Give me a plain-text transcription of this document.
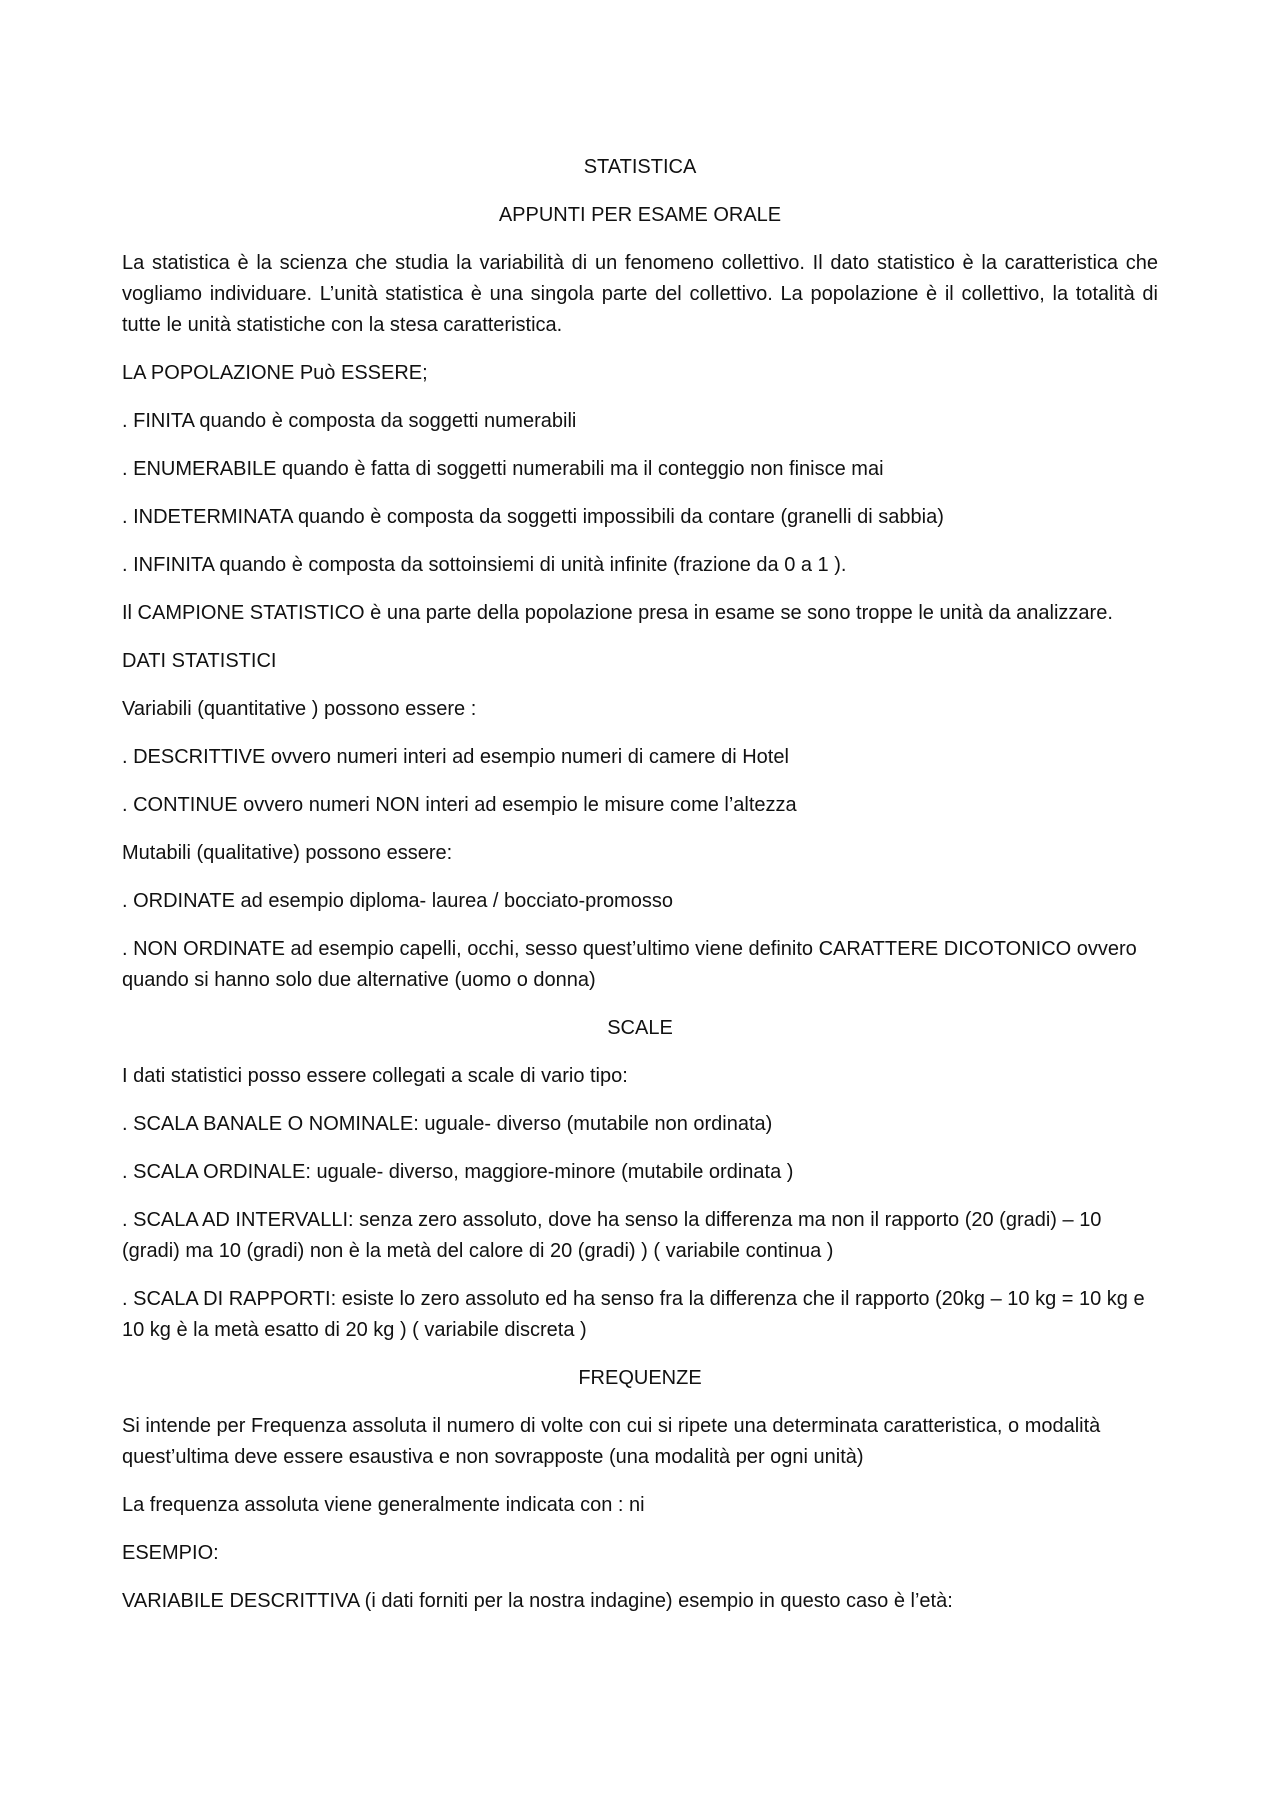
STATISTICA
APPUNTI PER ESAME ORALE
La statistica è la scienza che studia la variabilità di un fenomeno collettivo. Il dato statistico è la caratteristica che vogliamo individuare. L’unità statistica è una singola parte del collettivo. La popolazione è il collettivo, la totalità di tutte le unità statistiche con la stesa caratteristica.
LA POPOLAZIONE Può ESSERE;
. FINITA quando è composta da soggetti numerabili
. ENUMERABILE quando è fatta di soggetti numerabili ma il conteggio non finisce mai
. INDETERMINATA quando è composta da soggetti impossibili da contare (granelli di sabbia)
. INFINITA quando è composta da sottoinsiemi di unità infinite (frazione da 0 a 1 ).
Il CAMPIONE STATISTICO è una parte della popolazione presa in esame se sono troppe le unità da analizzare.
DATI STATISTICI
Variabili (quantitative ) possono essere :
. DESCRITTIVE ovvero numeri interi ad esempio numeri di camere di Hotel
. CONTINUE ovvero numeri NON interi ad esempio le misure come l’altezza
Mutabili (qualitative) possono essere:
. ORDINATE ad esempio diploma- laurea / bocciato-promosso
. NON ORDINATE ad esempio capelli, occhi, sesso quest’ultimo viene definito CARATTERE DICOTONICO ovvero quando si hanno solo due alternative (uomo o donna)
SCALE
I dati statistici posso essere collegati a scale di vario tipo:
. SCALA BANALE O NOMINALE: uguale- diverso (mutabile non ordinata)
. SCALA ORDINALE: uguale- diverso, maggiore-minore (mutabile ordinata )
. SCALA AD INTERVALLI: senza zero assoluto, dove ha senso la differenza ma non il rapporto (20 (gradi) – 10 (gradi) ma 10 (gradi) non è la metà del calore di 20 (gradi) ) ( variabile continua )
. SCALA DI RAPPORTI: esiste lo zero assoluto ed ha senso fra la differenza che il rapporto (20kg – 10 kg = 10 kg e 10 kg è la metà esatto di 20 kg ) ( variabile discreta )
FREQUENZE
Si intende per Frequenza assoluta il numero di volte con cui si ripete una determinata caratteristica, o modalità quest’ultima deve essere esaustiva e non sovrapposte (una modalità per ogni unità)
La frequenza assoluta viene generalmente indicata con : ni
ESEMPIO:
VARIABILE DESCRITTIVA (i dati forniti per la nostra indagine) esempio in questo caso è l’età:
